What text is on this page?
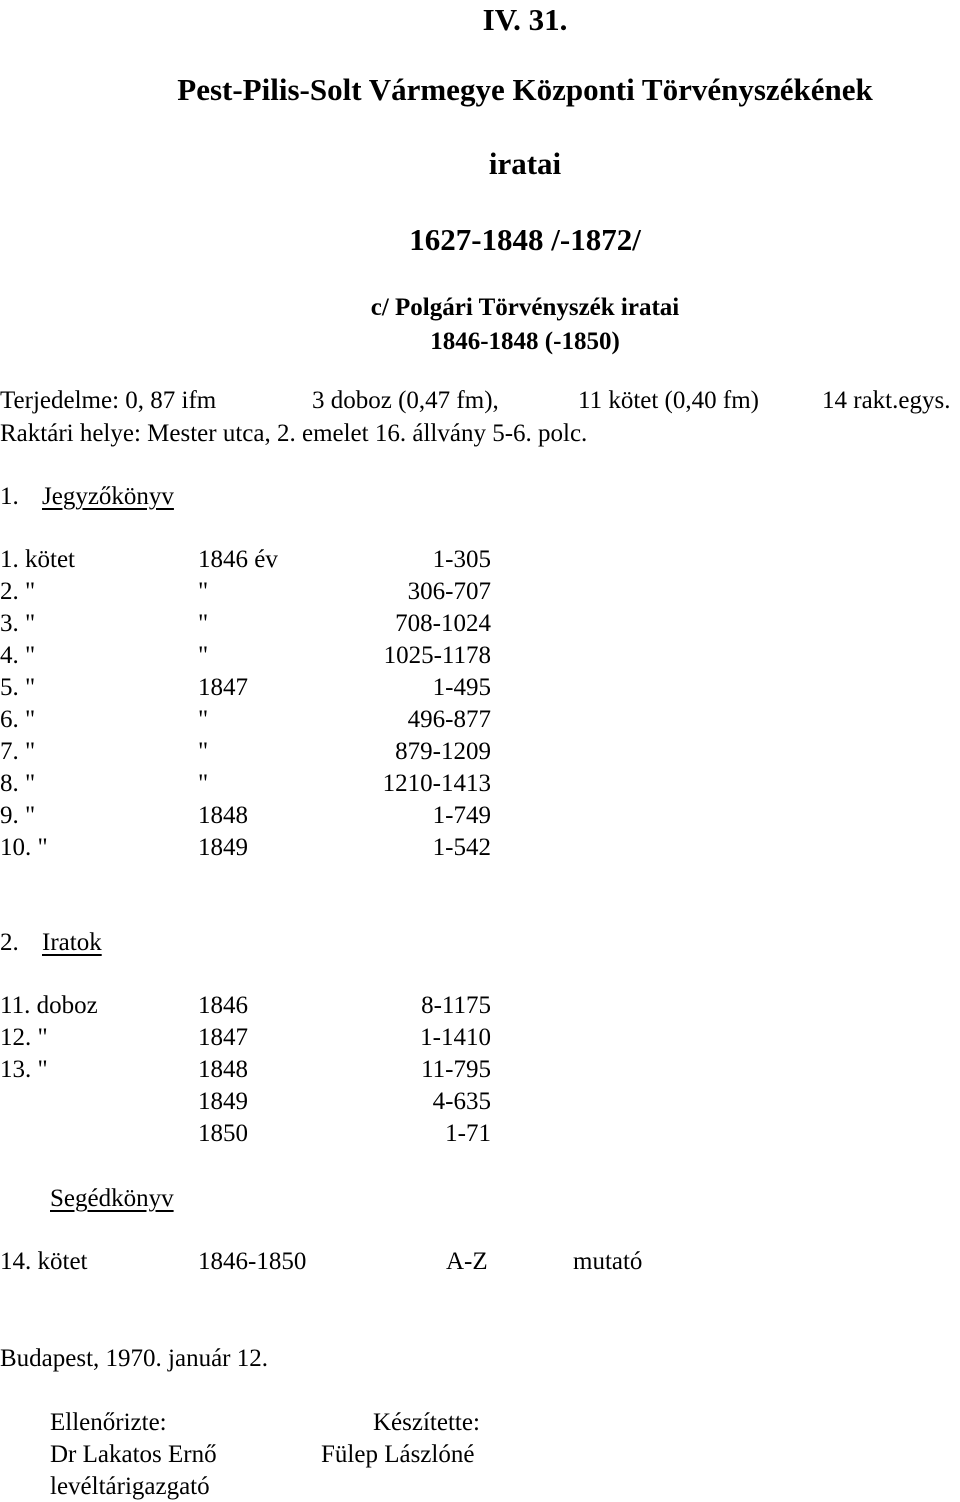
IV. 31.
Pest-Pilis-Solt Vármegye Központi Törvényszékének
iratai
1627-1848 /-1872/
c/ Polgári Törvényszék iratai
1846-1848 (-1850)
Terjedelme: 0, 87 ifm	3 doboz (0,47 fm),	11 kötet (0,40 fm)	14 rakt.egys.
Raktári helye: Mester utca, 2. emelet 16. állvány 5-6. polc.
1. Jegyzőkönyv
1. kötet	1846 év	1-305
2. "	"	306-707
3. "	"	708-1024
4. "	"	1025-1178
5. "	1847	1-495
6. "	"	496-877
7. "	"	879-1209
8. "	"	1210-1413
9. "	1848	1-749
10. "	1849	1-542
2. Iratok
11. doboz	1846	8-1175
12. "	1847	1-1410
13. "	1848	11-795
1849	4-635
1850	1-71
Segédkönyv
14. kötet	1846-1850	A-Z	mutató
Budapest, 1970. január 12.
Ellenőrizte:
Dr Lakatos Ernő
levéltárigazgató
Készítette:
Fülep Lászlóné
